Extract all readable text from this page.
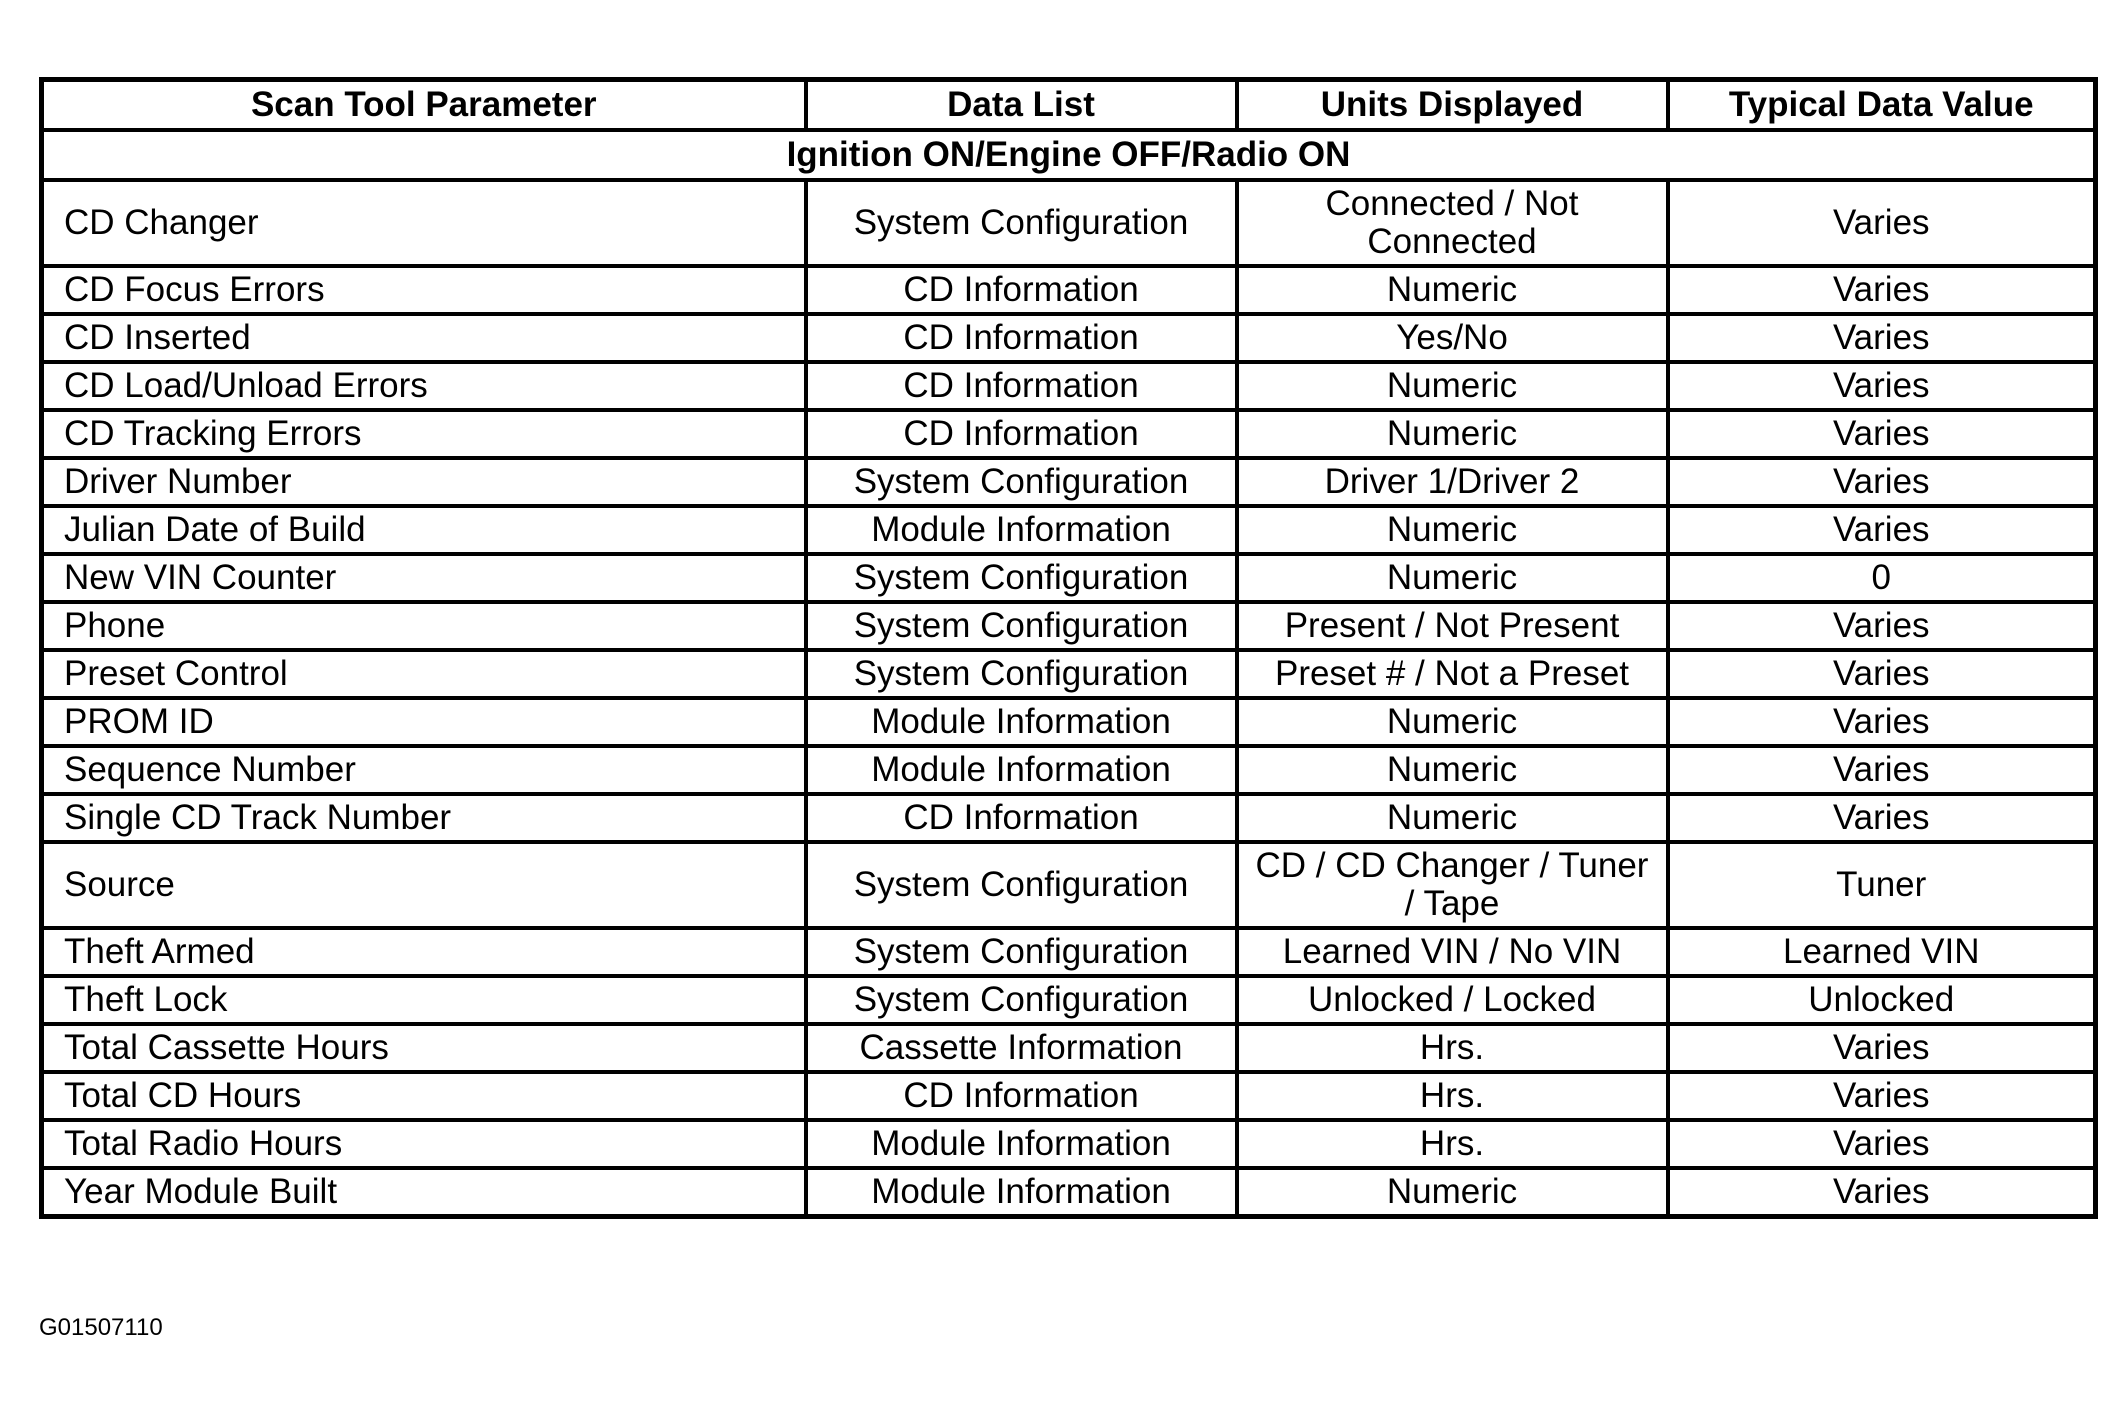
Scan Tool Parameter	Data List	Units Displayed	Typical Data Value
Ignition ON/Engine OFF/Radio ON			
CD Changer	System Configuration	Connected / Not Connected	Varies
CD Focus Errors	CD Information	Numeric	Varies
CD Inserted	CD Information	Yes/No	Varies
CD Load/Unload Errors	CD Information	Numeric	Varies
CD Tracking Errors	CD Information	Numeric	Varies
Driver Number	System Configuration	Driver 1/Driver 2	Varies
Julian Date of Build	Module Information	Numeric	Varies
New VIN Counter	System Configuration	Numeric	0
Phone	System Configuration	Present / Not Present	Varies
Preset Control	System Configuration	Preset # / Not a Preset	Varies
PROM ID	Module Information	Numeric	Varies
Sequence Number	Module Information	Numeric	Varies
Single CD Track Number	CD Information	Numeric	Varies
Source	System Configuration	CD / CD Changer / Tuner / Tape	Tuner
Theft Armed	System Configuration	Learned VIN / No VIN	Learned VIN
Theft Lock	System Configuration	Unlocked / Locked	Unlocked
Total Cassette Hours	Cassette Information	Hrs.	Varies
Total CD Hours	CD Information	Hrs.	Varies
Total Radio Hours	Module Information	Hrs.	Varies
Year Module Built	Module Information	Numeric	Varies
G01507110
